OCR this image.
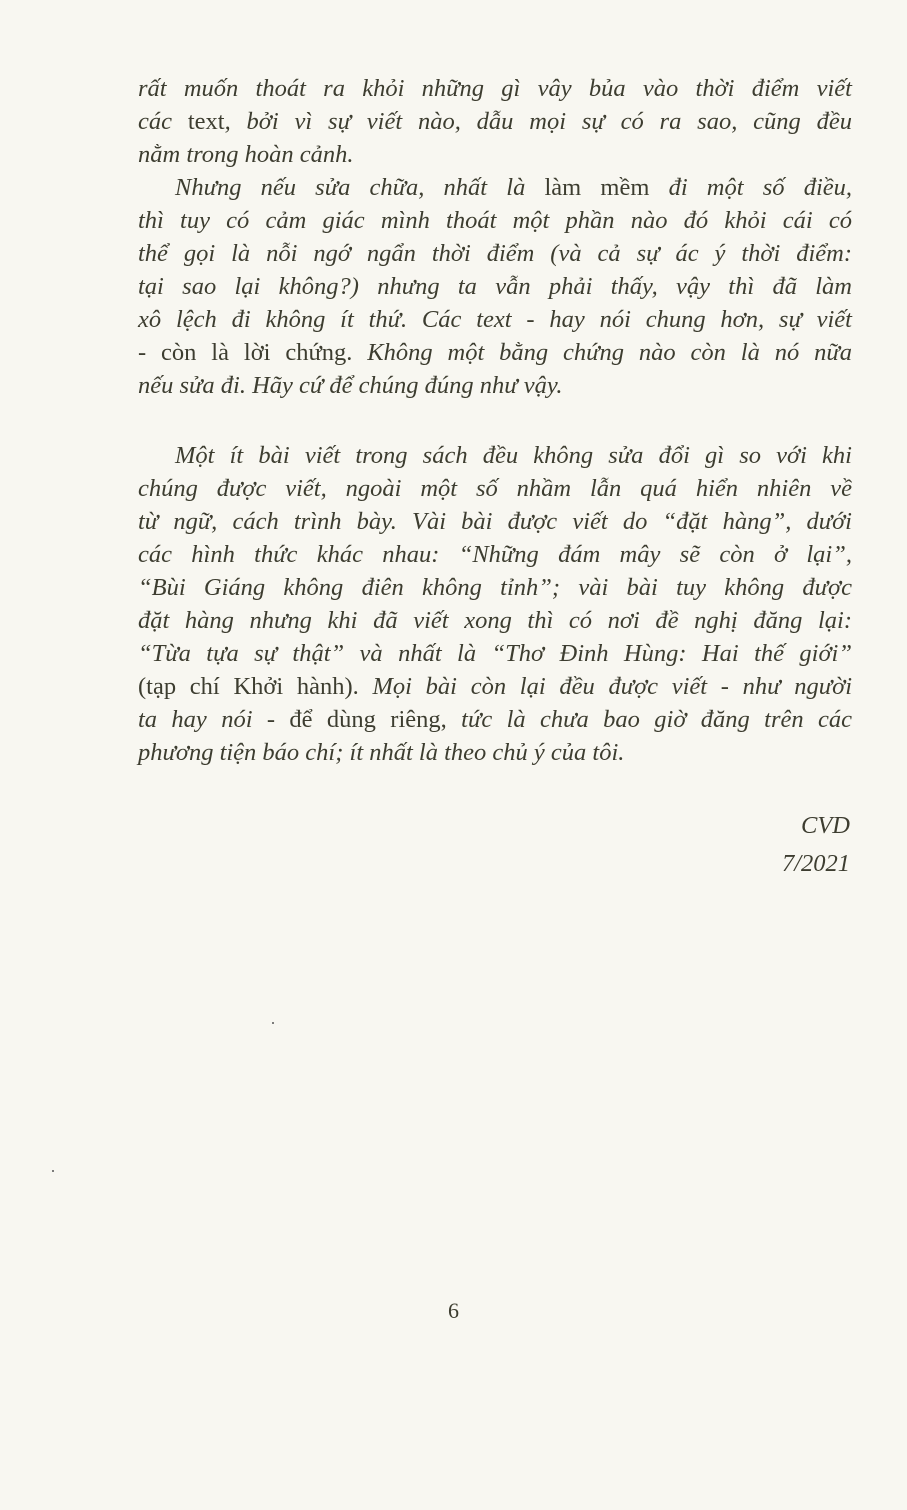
rất muốn thoát ra khỏi những gì vây bủa vào thời điểm viết
các text, bởi vì sự viết nào, dẫu mọi sự có ra sao, cũng đều
nằm trong hoàn cảnh.
Nhưng nếu sửa chữa, nhất là làm mềm đi một số điều,
thì tuy có cảm giác mình thoát một phần nào đó khỏi cái có
thể gọi là nỗi ngớ ngẩn thời điểm (và cả sự ác ý thời điểm:
tại sao lại không?) nhưng ta vẫn phải thấy, vậy thì đã làm
xô lệch đi không ít thứ. Các text - hay nói chung hơn, sự viết
- còn là lời chứng. Không một bằng chứng nào còn là nó nữa
nếu sửa đi. Hãy cứ để chúng đúng như vậy.
Một ít bài viết trong sách đều không sửa đổi gì so với khi
chúng được viết, ngoài một số nhầm lẫn quá hiển nhiên về
từ ngữ, cách trình bày. Vài bài được viết do “đặt hàng”, dưới
các hình thức khác nhau: “Những đám mây sẽ còn ở lại”,
“Bùi Giáng không điên không tỉnh”; vài bài tuy không được
đặt hàng nhưng khi đã viết xong thì có nơi đề nghị đăng lại:
“Từa tựa sự thật” và nhất là “Thơ Đinh Hùng: Hai thế giới”
(tạp chí Khởi hành). Mọi bài còn lại đều được viết - như người
ta hay nói - để dùng riêng, tức là chưa bao giờ đăng trên các
phương tiện báo chí; ít nhất là theo chủ ý của tôi.
CVD
7/2021
6
